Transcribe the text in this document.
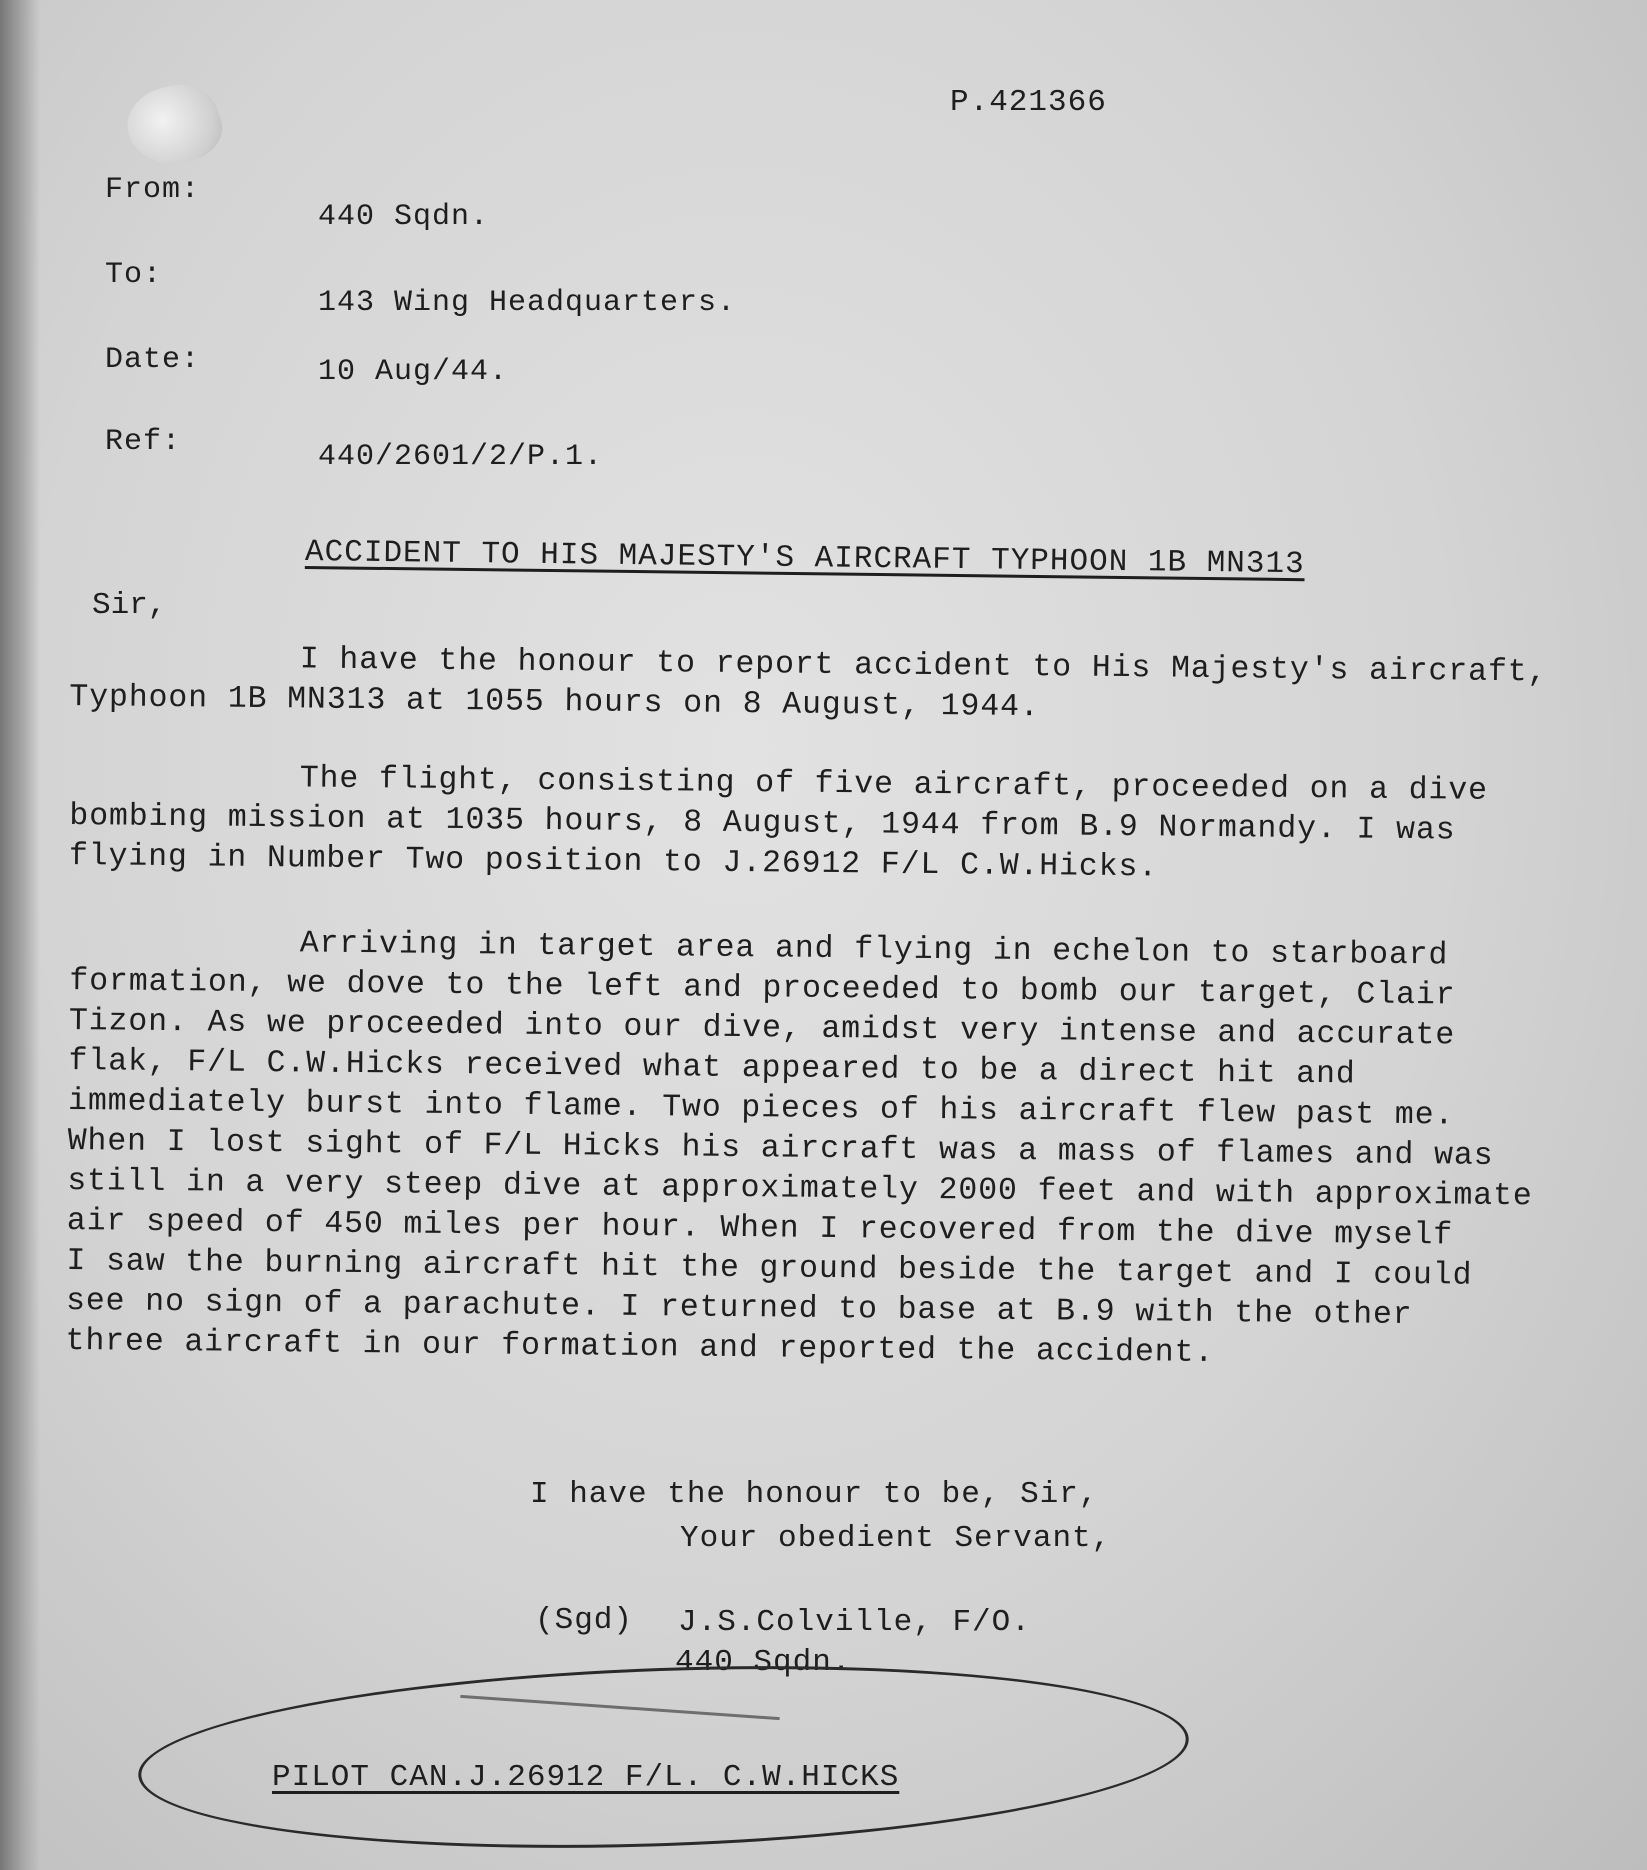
P.421366
From:
440 Sqdn.
To:
143 Wing Headquarters.
Date:	10 Aug/44.
Ref:	440/2601/2/P.1.
ACCIDENT TO HIS MAJESTY'S AIRCRAFT TYPHOON 1B MN313
Sir,
I have the honour to report accident to His Majesty's aircraft,
Typhoon 1B MN313 at 1055 hours on 8 August, 1944.
The flight, consisting of five aircraft, proceeded on a dive
bombing mission at 1035 hours, 8 August, 1944 from B.9 Normandy. I was
flying in Number Two position to J.26912 F/L C.W.Hicks.
Arriving in target area and flying in echelon to starboard
formation, we dove to the left and proceeded to bomb our target, Clair
Tizon. As we proceeded into our dive, amidst very intense and accurate
flak, F/L C.W.Hicks received what appeared to be a direct hit and
immediately burst into flame. Two pieces of his aircraft flew past me.
When I lost sight of F/L Hicks his aircraft was a mass of flames and was
still in a very steep dive at approximately 2000 feet and with approximate
air speed of 450 miles per hour. When I recovered from the dive myself
I saw the burning aircraft hit the ground beside the target and I could
see no sign of a parachute. I returned to base at B.9 with the other
three aircraft in our formation and reported the accident.
I have the honour to be, Sir,
Your obedient Servant,
(Sgd) J.S.Colville, F/O.
440 Sqdn.
PILOT CAN.J.26912 F/L. C.W.HICKS
